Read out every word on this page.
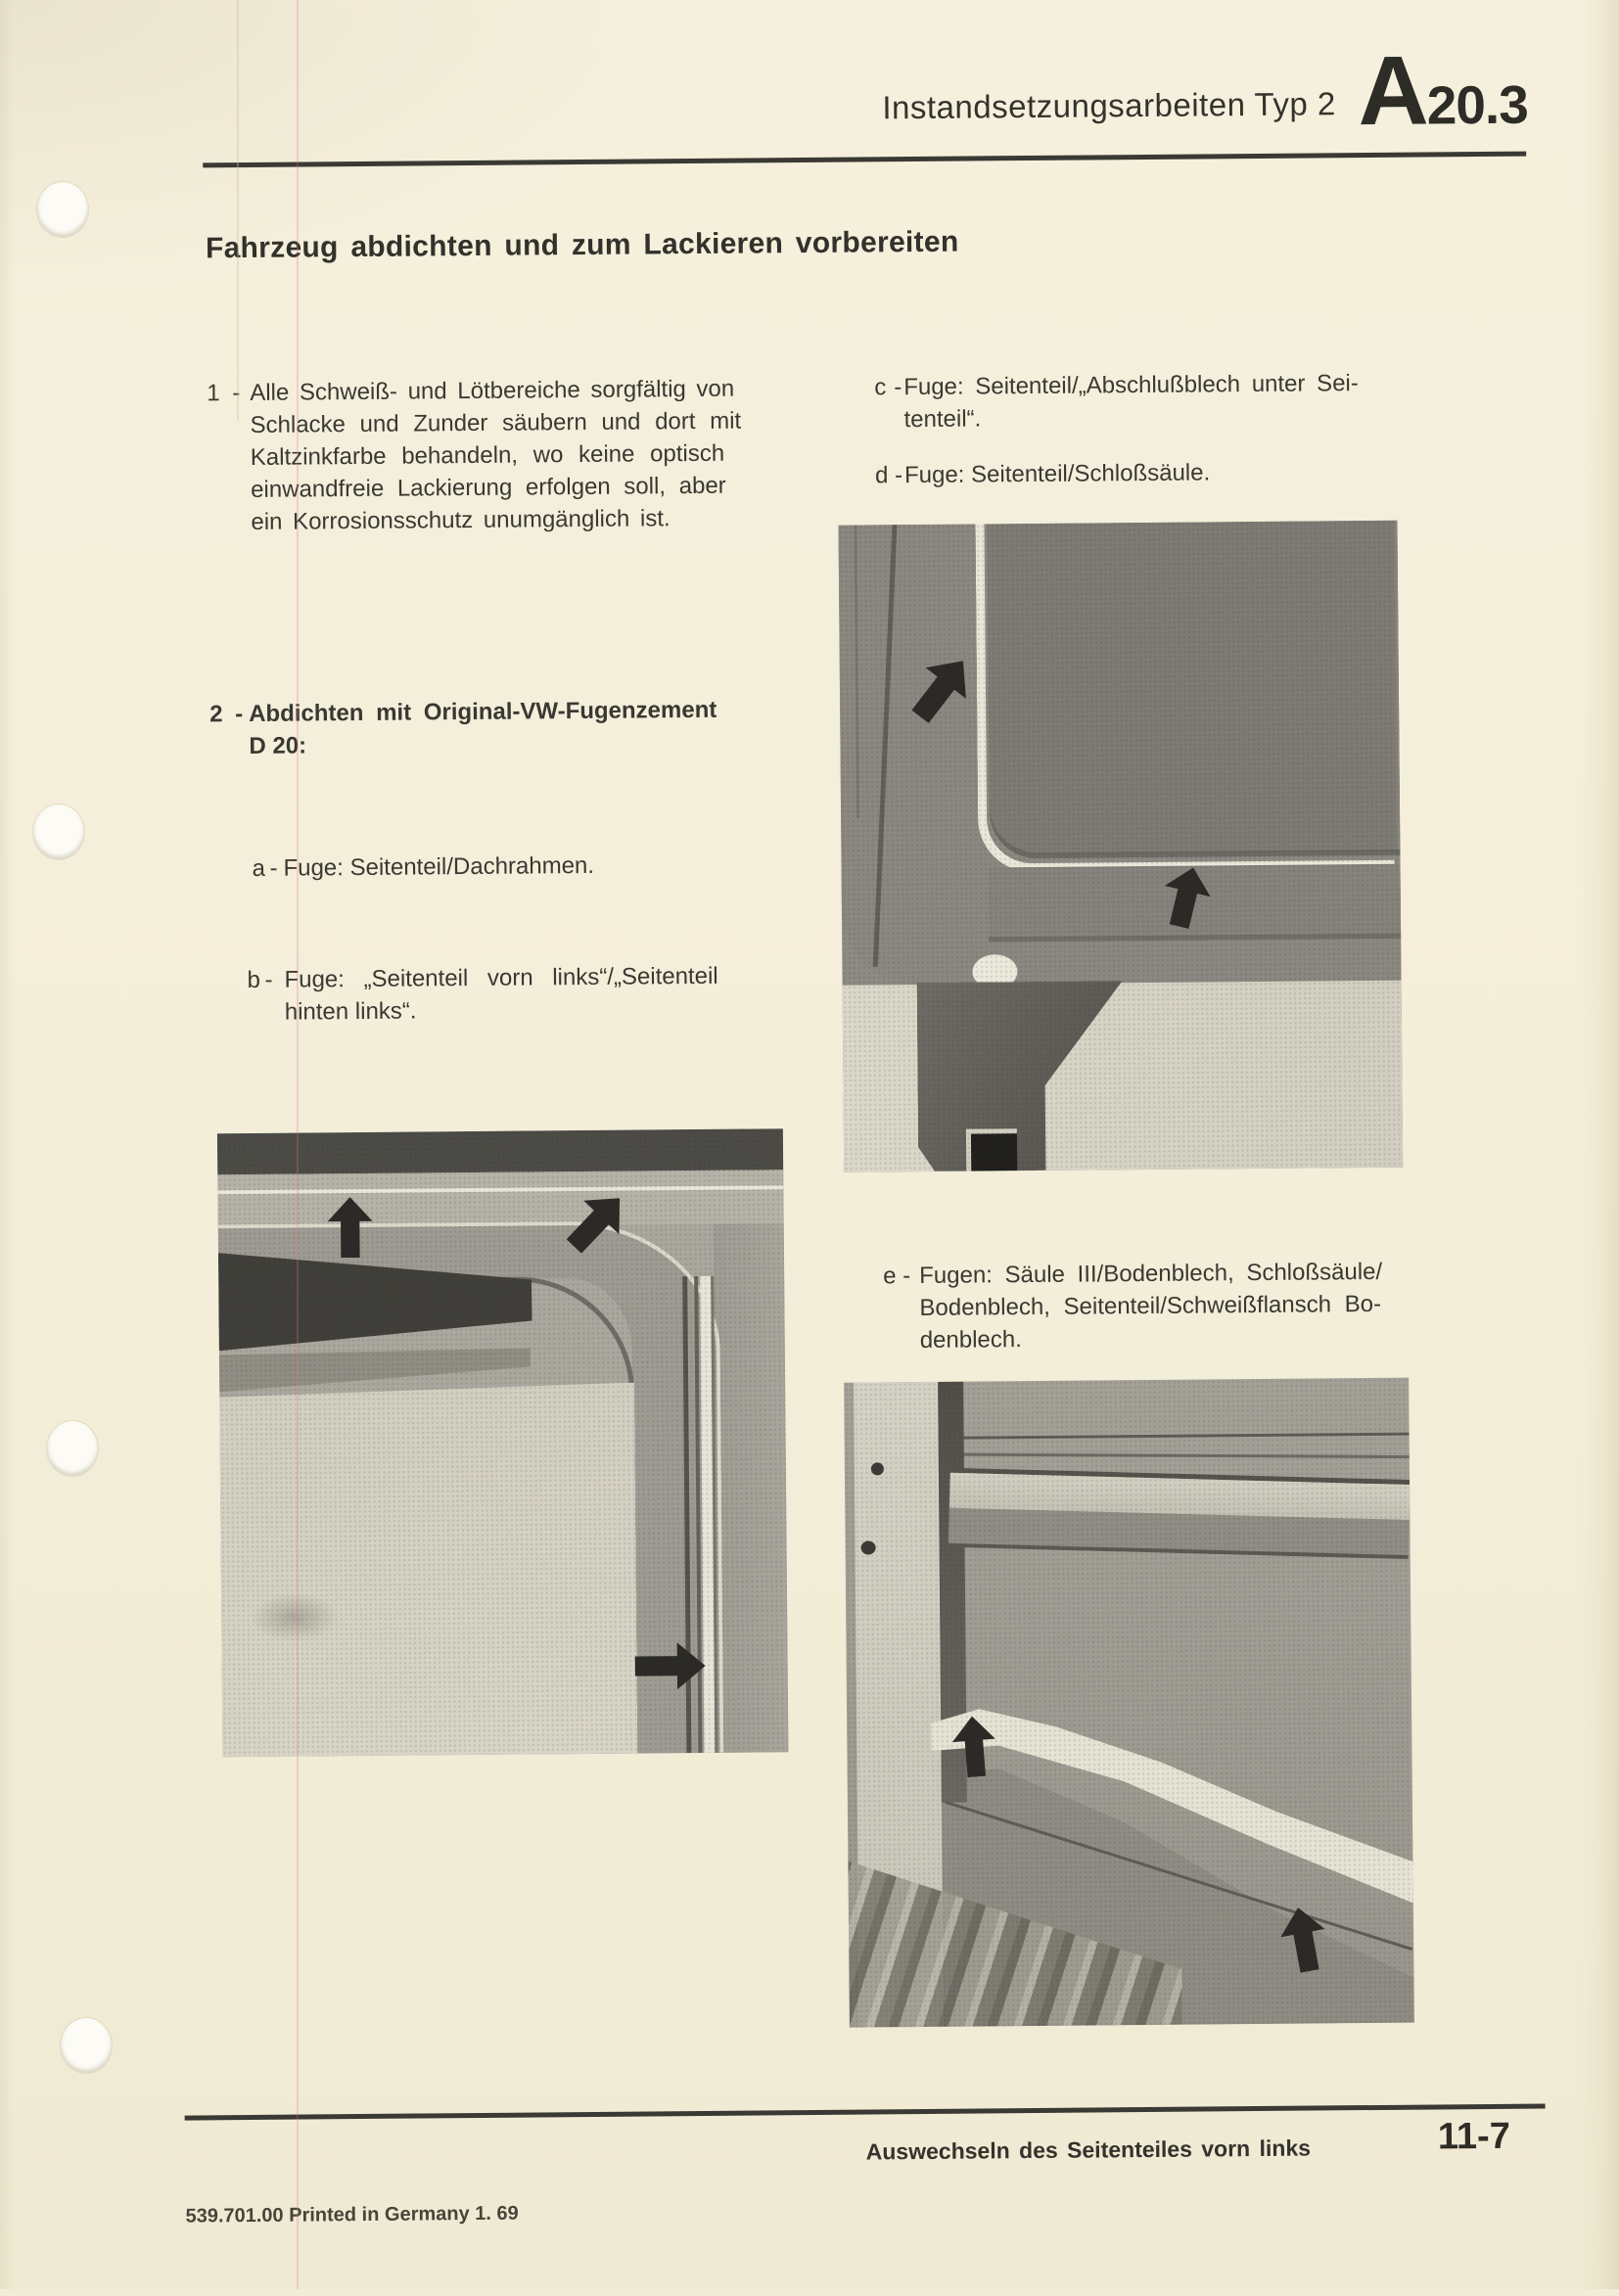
Instandsetzungsarbeiten Typ 2 A 20.3
Fahrzeug abdichten und zum Lackieren vorbereiten
1 - Alle Schweiß- und Lötbereiche sorgfältig von
Schlacke und Zunder säubern und dort mit
Kaltzinkfarbe behandeln, wo keine optisch
einwandfreie Lackierung erfolgen soll, aber
ein Korrosionsschutz unumgänglich ist.
c - Fuge: Seitenteil/„Abschlußblech unter Sei-
tenteil“.
d - Fuge: Seitenteil/Schloßsäule.
2 - Abdichten mit Original-VW-Fugenzement
D 20:
a - Fuge: Seitenteil/Dachrahmen.
b - Fuge: „Seitenteil vorn links“/„Seitenteil
hinten links“.
e - Fugen: Säule III/Bodenblech, Schloßsäule/
Bodenblech, Seitenteil/Schweißflansch Bo-
denblech.
Auswechseln des Seitenteiles vorn links	11-7
539.701.00 Printed in Germany 1. 69
